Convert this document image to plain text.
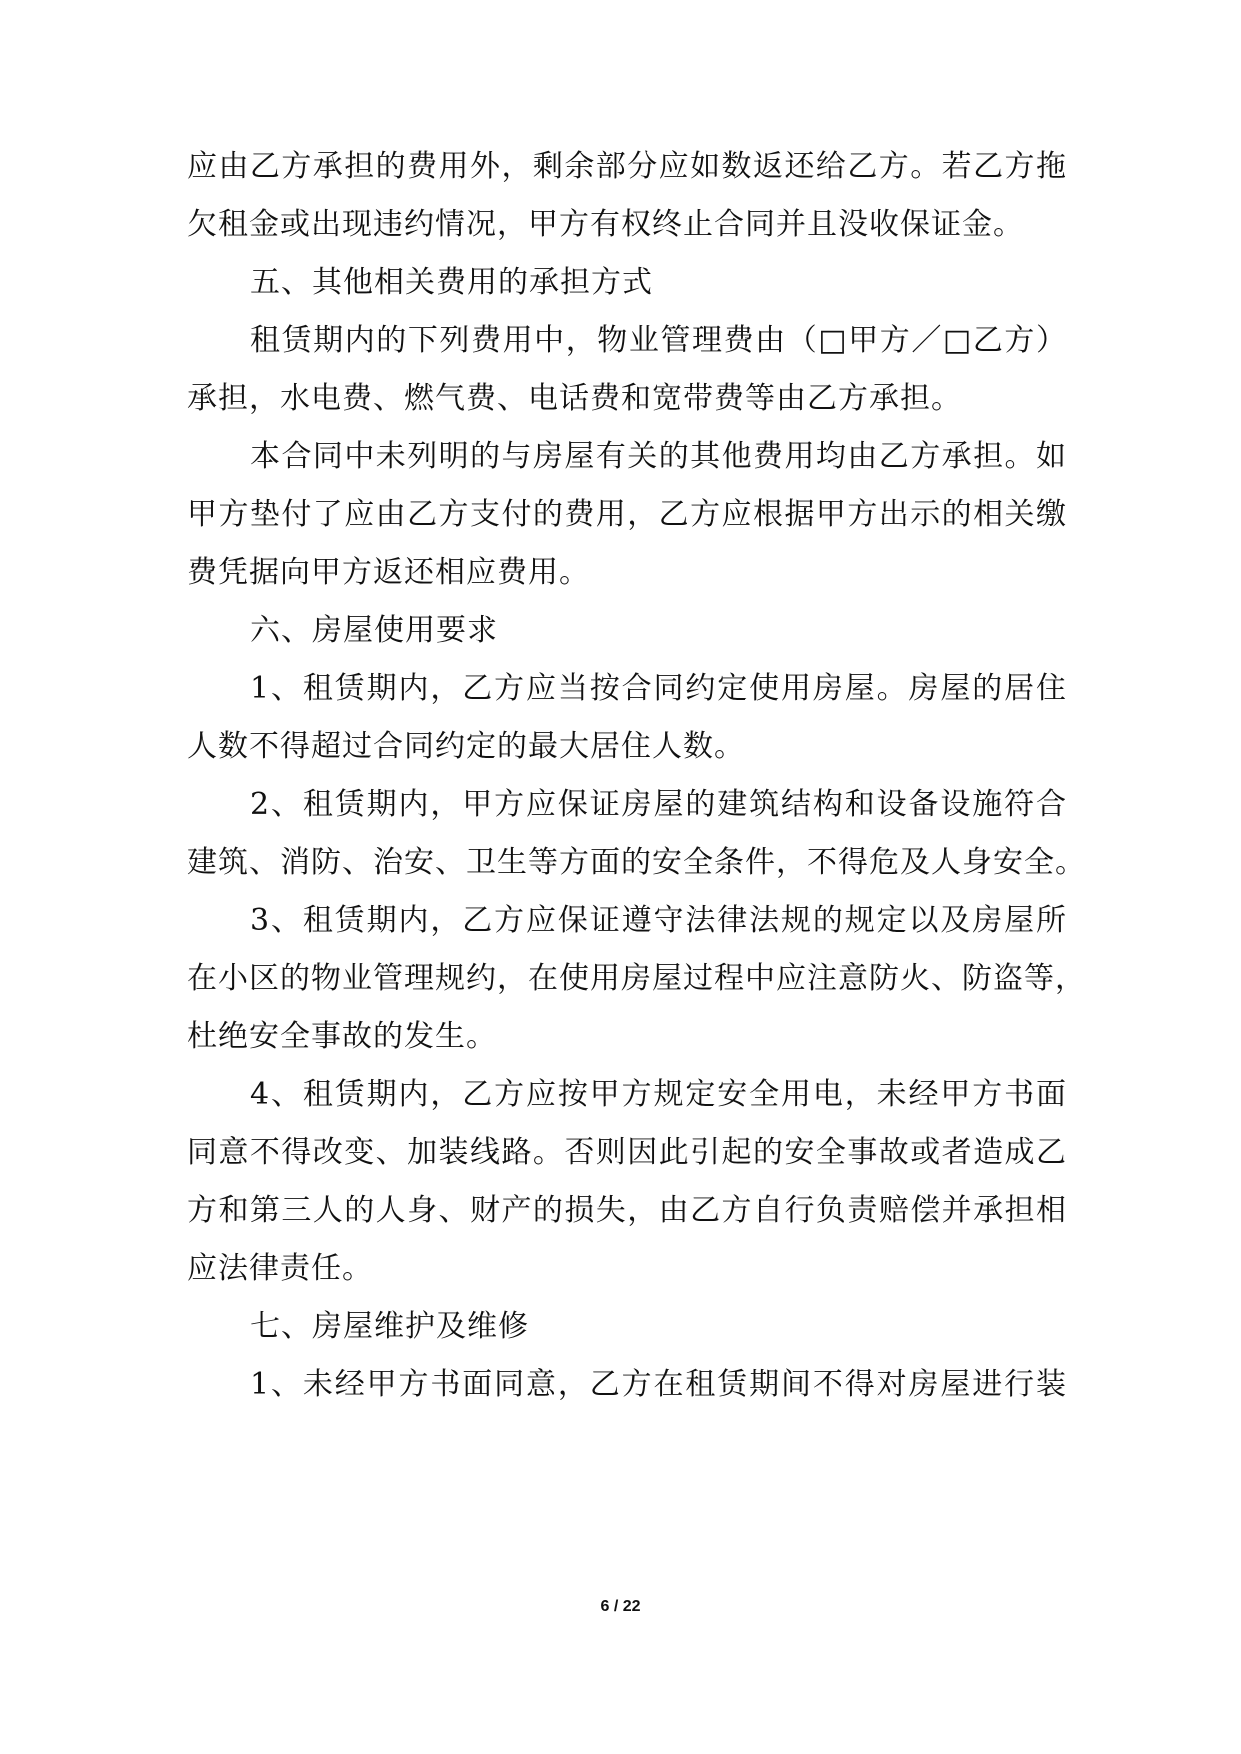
应由乙方承担的费用外，剩余部分应如数返还给乙方。若乙方拖
欠租金或出现违约情况，甲方有权终止合同并且没收保证金。
五、其他相关费用的承担方式
租赁期内的下列费用中，物业管理费由（□甲方／□乙方）
承担，水电费、燃气费、电话费和宽带费等由乙方承担。
本合同中未列明的与房屋有关的其他费用均由乙方承担。如
甲方垫付了应由乙方支付的费用，乙方应根据甲方出示的相关缴
费凭据向甲方返还相应费用。
六、房屋使用要求
1、租赁期内，乙方应当按合同约定使用房屋。房屋的居住
人数不得超过合同约定的最大居住人数。
2、租赁期内，甲方应保证房屋的建筑结构和设备设施符合
建筑、消防、治安、卫生等方面的安全条件，不得危及人身安全。
3、租赁期内，乙方应保证遵守法律法规的规定以及房屋所
在小区的物业管理规约，在使用房屋过程中应注意防火、防盗等，
杜绝安全事故的发生。
4、租赁期内，乙方应按甲方规定安全用电，未经甲方书面
同意不得改变、加装线路。否则因此引起的安全事故或者造成乙
方和第三人的人身、财产的损失，由乙方自行负责赔偿并承担相
应法律责任。
七、房屋维护及维修
1、未经甲方书面同意，乙方在租赁期间不得对房屋进行装
6 / 22
